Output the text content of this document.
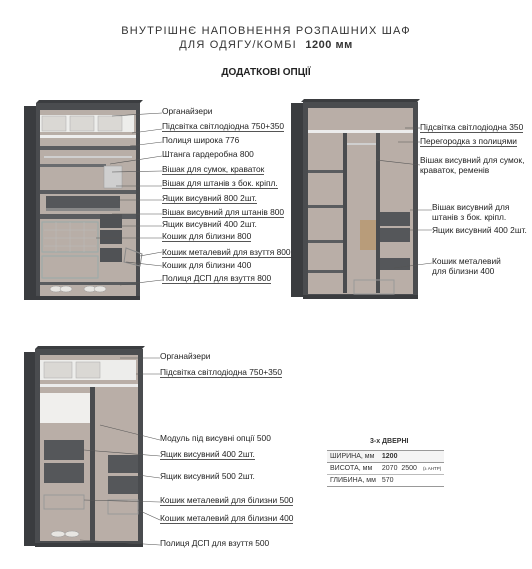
ВНУТРІШНЄ НАПОВНЕННЯ РОЗПАШНИХ ШАФ
ДЛЯ ОДЯГУ/КОМБІ 1200 мм
ДОДАТКОВІ ОПЦІЇ
Органайзери
Підсвітка світлодіодна 750+350
Полиця широка 776
Штанга гардеробна 800
Вішак для сумок, краваток
Вішак для штанів з бок. кріпл.
Ящик висувний 800 2шт.
Вішак висувний для штанів 800
Ящик висувний 400 2шт.
Кошик для білизни 800
Кошик металевий для взуття 800
Кошик для білизни 400
Полиця ДСП для взуття 800
Підсвітка світлодіодна 350
Перегородка з полицями
Вішак висувний для сумок, краваток, ременів
Вішак висувний для штанів з бок. кріпл.
Ящик висувний 400 2шт.
Кошик металевий для білизни 400
Органайзери
Підсвітка світлодіодна 750+350
Модуль під висувні опції 500
Ящик висувний 400 2шт.
Ящик висувний 500 2шт.
Кошик металевий для білизни 500
Кошик металевий для білизни 400
Полиця ДСП для взуття 500
3-х ДВЕРНІ
ШИРИНА, мм	1200	
ВИСОТА, мм	2070  2500	(з АНТР)
ГЛИБИНА, мм	570	
